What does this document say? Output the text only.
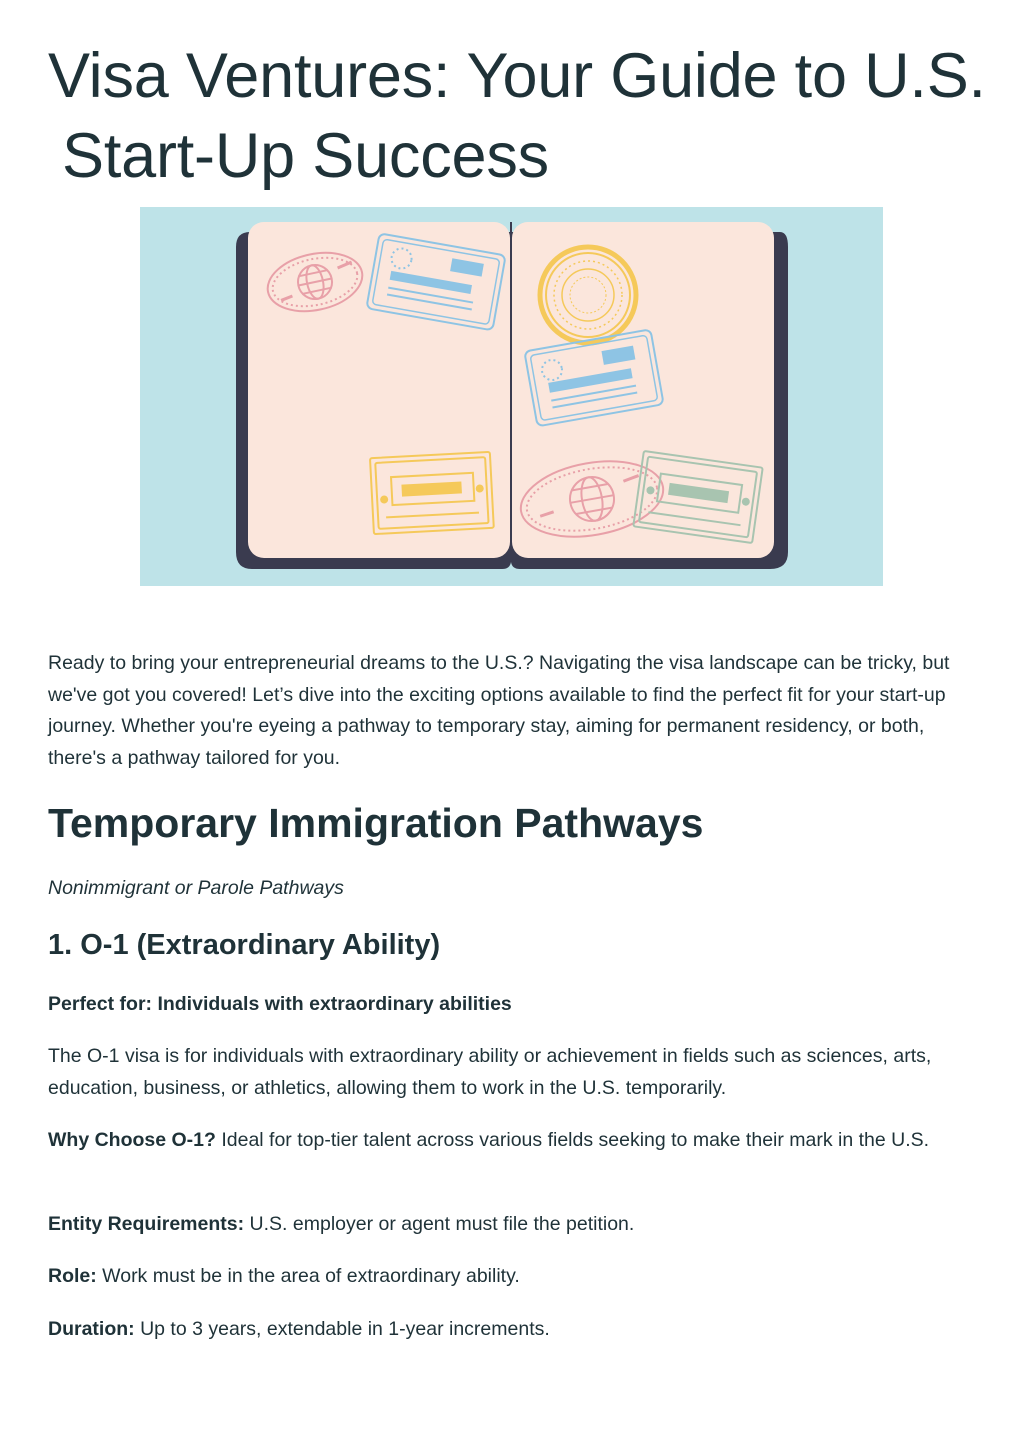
Visa Ventures: Your Guide to U.S.
Start-Up Success

Ready to bring your entrepreneurial dreams to the U.S.? Navigating the visa landscape can be tricky, but we've got you covered! Let’s dive into the exciting options available to find the perfect fit for your start-up journey. Whether you're eyeing a pathway to temporary stay, aiming for permanent residency, or both, there's a pathway tailored for you.

Temporary Immigration Pathways

Nonimmigrant or Parole Pathways

1. O-1 (Extraordinary Ability)

Perfect for: Individuals with extraordinary abilities

The O-1 visa is for individuals with extraordinary ability or achievement in fields such as sciences, arts, education, business, or athletics, allowing them to work in the U.S. temporarily.

Why Choose O-1? Ideal for top-tier talent across various fields seeking to make their mark in the U.S.

Entity Requirements: U.S. employer or agent must file the petition.

Role: Work must be in the area of extraordinary ability.

Duration: Up to 3 years, extendable in 1-year increments.
